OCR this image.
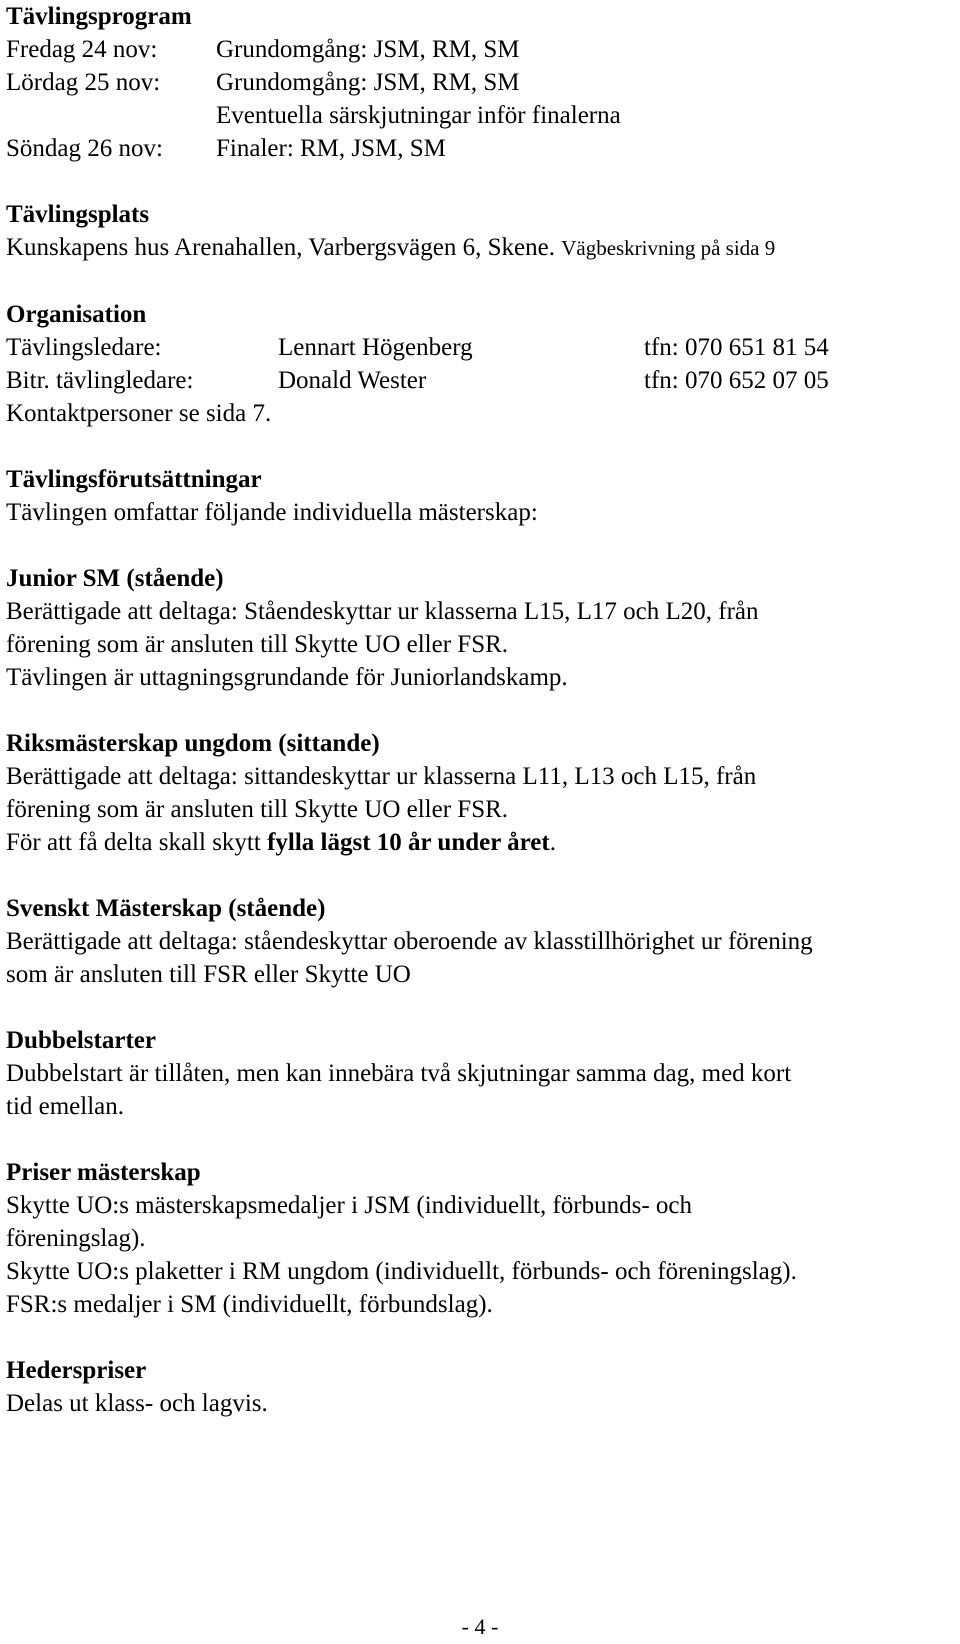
Tävlingsprogram
Fredag 24 nov: Grundomgång: JSM, RM, SM
Lördag 25 nov: Grundomgång: JSM, RM, SM
Eventuella särskjutningar inför finalerna
Söndag 26 nov: Finaler: RM, JSM, SM
Tävlingsplats
Kunskapens hus Arenahallen, Varbergsvägen 6, Skene. Vägbeskrivning på sida 9
Organisation
Tävlingsledare:	Lennart Högenberg	tfn: 070 651 81 54
Bitr. tävlingledare:	Donald Wester	tfn: 070 652 07 05
Kontaktpersoner se sida 7.
Tävlingsförutsättningar
Tävlingen omfattar följande individuella mästerskap:
Junior SM (stående)
Berättigade att deltaga: Ståendeskyttar ur klasserna L15, L17 och L20, från
förening som är ansluten till Skytte UO eller FSR.
Tävlingen är uttagningsgrundande för Juniorlandskamp.
Riksmästerskap ungdom (sittande)
Berättigade att deltaga: sittandeskyttar ur klasserna L11, L13 och L15, från
förening som är ansluten till Skytte UO eller FSR.
För att få delta skall skytt fylla lägst 10 år under året.
Svenskt Mästerskap (stående)
Berättigade att deltaga: ståendeskyttar oberoende av klasstillhörighet ur förening
som är ansluten till FSR eller Skytte UO
Dubbelstarter
Dubbelstart är tillåten, men kan innebära två skjutningar samma dag, med kort
tid emellan.
Priser mästerskap
Skytte UO:s mästerskapsmedaljer i JSM (individuellt, förbunds- och
föreningslag).
Skytte UO:s plaketter i RM ungdom (individuellt, förbunds- och föreningslag).
FSR:s medaljer i SM (individuellt, förbundslag).
Hederspriser
Delas ut klass- och lagvis.
- 4 -
